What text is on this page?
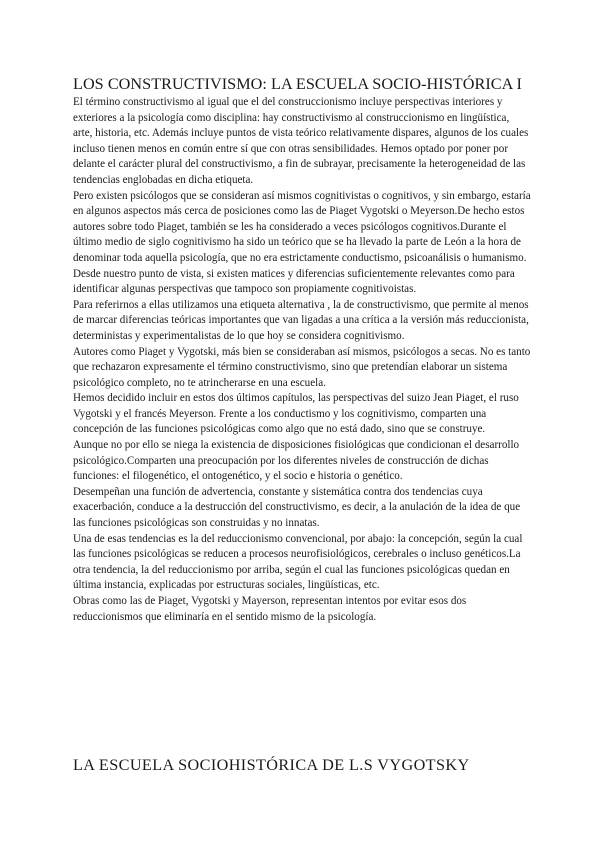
LOS CONSTRUCTIVISMO: LA ESCUELA SOCIO-HISTÓRICA I

El término constructivismo al igual que el del construccionismo incluye perspectivas interiores y exteriores a la psicología como disciplina: hay constructivismo al construccionismo en lingüística, arte, historia, etc. Además incluye puntos de vista teórico relativamente dispares, algunos de los cuales incluso tienen menos en común entre sí que con otras sensibilidades. Hemos optado por poner por delante el carácter plural del constructivismo, a fin de subrayar, precisamente la heterogeneidad de las tendencias englobadas en dicha etiqueta.

Pero existen psicólogos que se consideran así mismos cognitivistas o cognitivos, y sin embargo, estaría en algunos aspectos más cerca de posiciones como las de Piaget Vygotski o Meyerson.De hecho estos autores sobre todo Piaget, también se les ha considerado a veces psicólogos cognitivos.Durante el último medio de siglo cognitivismo ha sido un teórico que se ha llevado la parte de León a la hora de denominar toda aquella psicología, que no era estrictamente conductismo, psicoanálisis o humanismo. Desde nuestro punto de vista, si existen matices y diferencias suficientemente relevantes como para identificar algunas perspectivas que tampoco son propiamente cognitivoistas.

Para referirnos a ellas utilizamos una etiqueta alternativa , la de constructivismo, que permite al menos de marcar diferencias teóricas importantes que van ligadas a una crítica a la versión más reduccionista, deterministas y experimentalistas de lo que hoy se considera cognitivismo.

Autores como Piaget y Vygotski, más bien se consideraban así mismos, psicólogos a secas. No es tanto que rechazaron expresamente el término constructivismo, sino que pretendían elaborar un sistema psicológico completo, no te atrincherarse en una escuela.

Hemos decidido incluir en estos dos últimos capítulos, las perspectivas del suizo Jean Piaget, el ruso Vygotski y el francés Meyerson. Frente a los conductismo y los cognitivismo, comparten una concepción de las funciones psicológicas como algo que no está dado, sino que se construye.

Aunque no por ello se niega la existencia de disposiciones fisiológicas que condicionan el desarrollo psicológico.Comparten una preocupación por los diferentes niveles de construcción de dichas funciones: el filogenético, el ontogenético, y el socio e historia o genético.

Desempeñan una función de advertencia, constante y sistemática contra dos tendencias cuya exacerbación, conduce a la destrucción del constructivismo, es decir, a la anulación de la idea de que las funciones psicológicas son construidas y no innatas.

Una de esas tendencias es la del reduccionismo convencional, por abajo: la concepción, según la cual las funciones psicológicas se reducen a procesos neurofisiológicos, cerebrales o incluso genéticos.La otra tendencia, la del reduccionismo por arriba, según el cual las funciones psicológicas quedan en última instancia, explicadas por estructuras sociales, lingüísticas, etc.

Obras como las de Piaget, Vygotski y Mayerson, representan intentos por evitar esos dos reduccionismos que eliminaría en el sentido mismo de la psicología.

LA ESCUELA SOCIOHISTÓRICA DE L.S VYGOTSKY
